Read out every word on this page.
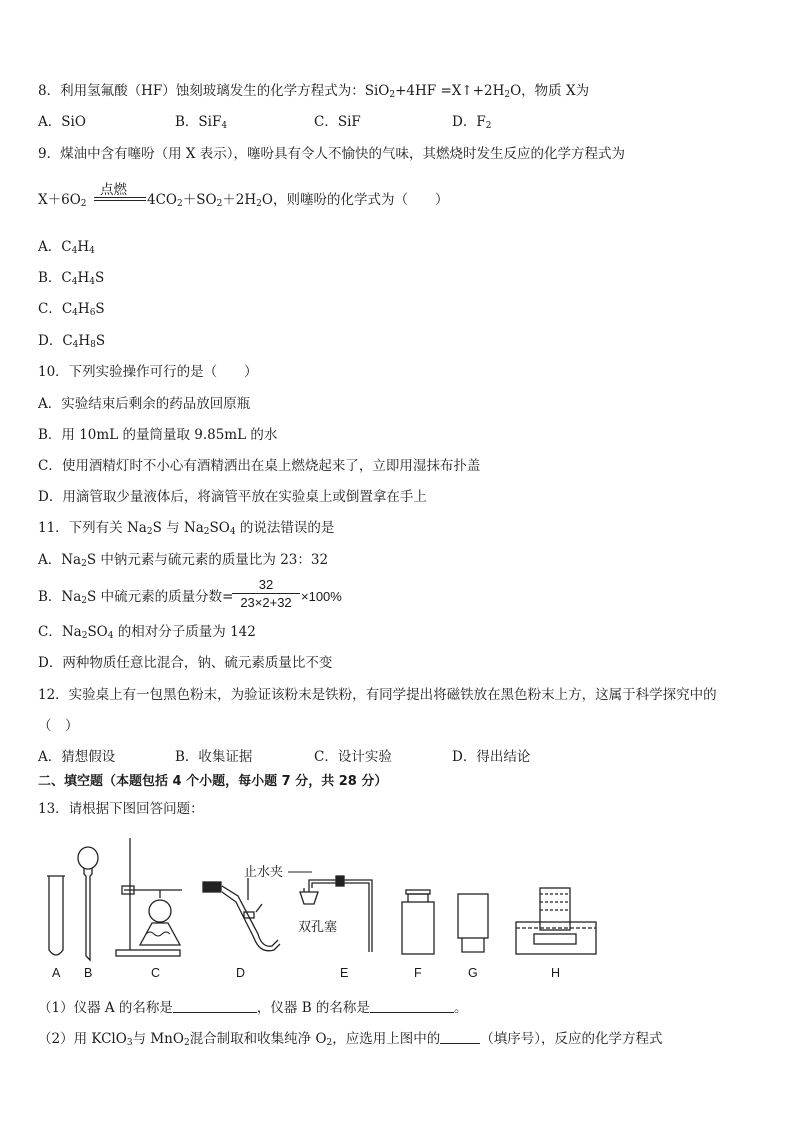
8．利用氢氟酸（HF）蚀刻玻璃发生的化学方程式为：$SiO_2+4HF =X↑+2H_2O$，物质 X为
A．SiO	B．SiF$_4$	C．SiF	D．$F_2$
9．煤油中含有噻吩（用 X 表示），噻吩具有令人不愉快的气味，其燃烧时发生反应的化学方程式为
点燃
$X+6O_2$	$4CO_2+SO_2+2H_2O$，则噻吩的化学式为（　　）
A．$C_4H_4$
B．$C_4H_4S$
C．$C_4H_6S$
D．$C_4H_8S$
10．下列实验操作可行的是（　　）
A．实验结束后剩余的药品放回原瓶
B．用 10mL 的量筒量取 9.85mL 的水
C．使用酒精灯时不小心有酒精洒出在桌上燃烧起来了，立即用湿抹布扑盖
D．用滴管取少量液体后，将滴管平放在实验桌上或倒置拿在手上
11．下列有关 $Na_2S$ 与 $Na_2SO_4$ 的说法错误的是
A．$Na_2S$ 中钠元素与硫元素的质量比为 23：32
B．$Na_2S$ 中硫元素的质量分数=
$\frac{32}{23\times 2+32} \times 100\%$
C．$Na_2SO_4$ 的相对分子质量为 142
D．两种物质任意比混合，钠、硫元素质量比不变
12．实验桌上有一包黑色粉末，为验证该粉末是铁粉，有同学提出将磁铁放在黑色粉末上方，这属于科学探究中的
（　）
A．猜想假设	B．收集证据	C．设计实验	D．得出结论
二、填空题（本题包括 4 个小题，每小题 7 分，共 28 分）
13．请根据下图回答问题：
止水夹
双孔塞
A B	C	D	E	F	G	H
（1）仪器 A 的名称是	，仪器 B 的名称是	。
（2）用 KClO$_3$与 MnO$_2$混合制取和收集纯净 $O_2$，应选用上图中的	（填序号），反应的化学方程式
